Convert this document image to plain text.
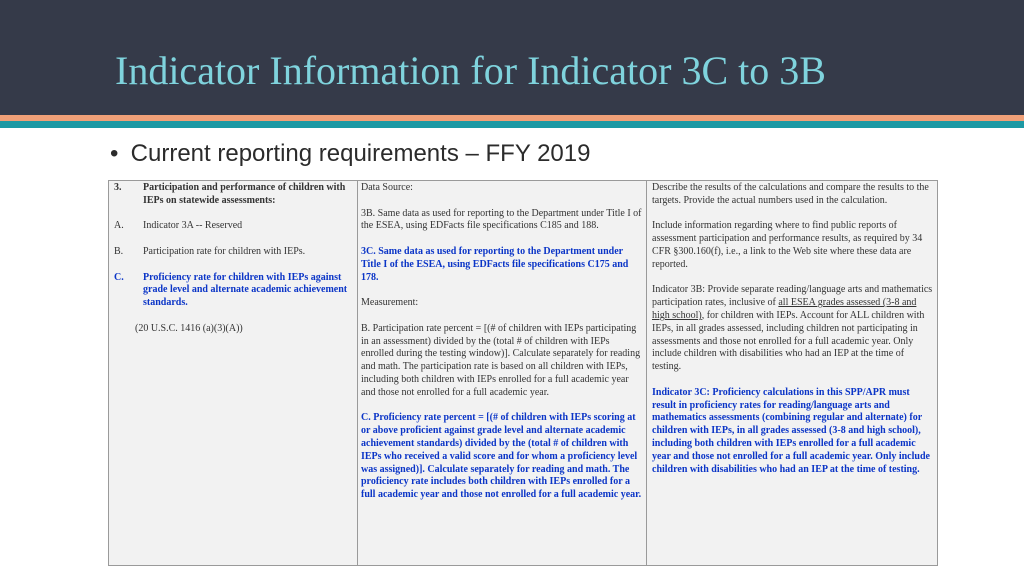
Indicator Information for Indicator 3C to 3B
• Current reporting requirements – FFY 2019
3.	Participation and performance of children with IEPs on statewide assessments:
A.	Indicator 3A -- Reserved
B.	Participation rate for children with IEPs.
C.	Proficiency rate for children with IEPs against grade level and alternate academic achievement standards.
(20 U.S.C. 1416 (a)(3)(A))

Data Source:

3B. Same data as used for reporting to the Department under Title I of the ESEA, using EDFacts file specifications C185 and 188.

3C. Same data as used for reporting to the Department under Title I of the ESEA, using EDFacts file specifications C175 and 178.

Measurement:

B. Participation rate percent = [(# of children with IEPs participating in an assessment) divided by the (total # of children with IEPs enrolled during the testing window)]. Calculate separately for reading and math. The participation rate is based on all children with IEPs, including both children with IEPs enrolled for a full academic year and those not enrolled for a full academic year.

C. Proficiency rate percent = [(# of children with IEPs scoring at or above proficient against grade level and alternate academic achievement standards) divided by the (total # of children with IEPs who received a valid score and for whom a proficiency level was assigned)]. Calculate separately for reading and math. The proficiency rate includes both children with IEPs enrolled for a full academic year and those not enrolled for a full academic year.

Describe the results of the calculations and compare the results to the targets. Provide the actual numbers used in the calculation.

Include information regarding where to find public reports of assessment participation and performance results, as required by 34 CFR §300.160(f), i.e., a link to the Web site where these data are reported.

Indicator 3B: Provide separate reading/language arts and mathematics participation rates, inclusive of all ESEA grades assessed (3-8 and high school), for children with IEPs. Account for ALL children with IEPs, in all grades assessed, including children not participating in assessments and those not enrolled for a full academic year. Only include children with disabilities who had an IEP at the time of testing.

Indicator 3C: Proficiency calculations in this SPP/APR must result in proficiency rates for reading/language arts and mathematics assessments (combining regular and alternate) for children with IEPs, in all grades assessed (3-8 and high school), including both children with IEPs enrolled for a full academic year and those not enrolled for a full academic year. Only include children with disabilities who had an IEP at the time of testing.
